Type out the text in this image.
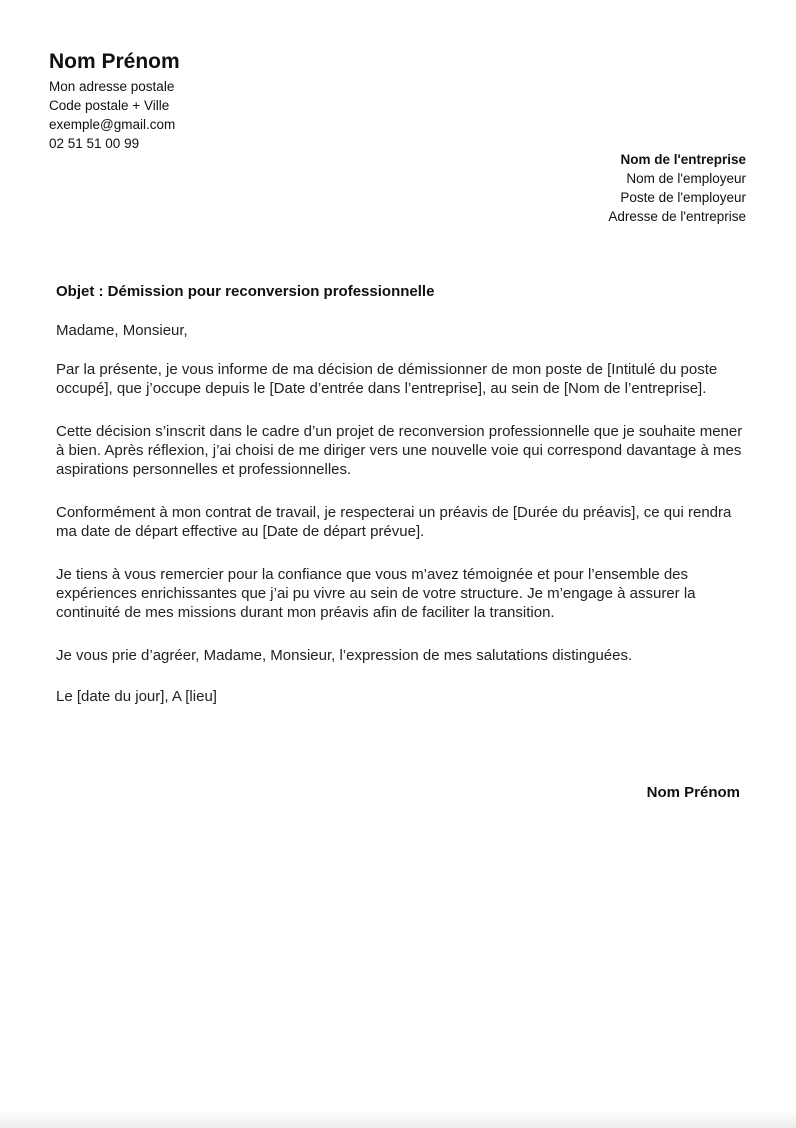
Nom Prénom
Mon adresse postale
Code postale + Ville
exemple@gmail.com
02 51 51 00 99
Nom de l'entreprise
Nom de l'employeur
Poste de l'employeur
Adresse de l'entreprise
Objet : Démission pour reconversion professionnelle
Madame, Monsieur,
Par la présente, je vous informe de ma décision de démissionner de mon poste de [Intitulé du poste occupé], que j’occupe depuis le [Date d’entrée dans l’entreprise], au sein de [Nom de l’entreprise].
Cette décision s’inscrit dans le cadre d’un projet de reconversion professionnelle que je souhaite mener à bien. Après réflexion, j’ai choisi de me diriger vers une nouvelle voie qui correspond davantage à mes aspirations personnelles et professionnelles.
Conformément à mon contrat de travail, je respecterai un préavis de [Durée du préavis], ce qui rendra ma date de départ effective au [Date de départ prévue].
Je tiens à vous remercier pour la confiance que vous m’avez témoignée et pour l’ensemble des expériences enrichissantes que j’ai pu vivre au sein de votre structure. Je m’engage à assurer la continuité de mes missions durant mon préavis afin de faciliter la transition.
Je vous prie d’agréer, Madame, Monsieur, l’expression de mes salutations distinguées.
Le [date du jour], A [lieu]
Nom Prénom
